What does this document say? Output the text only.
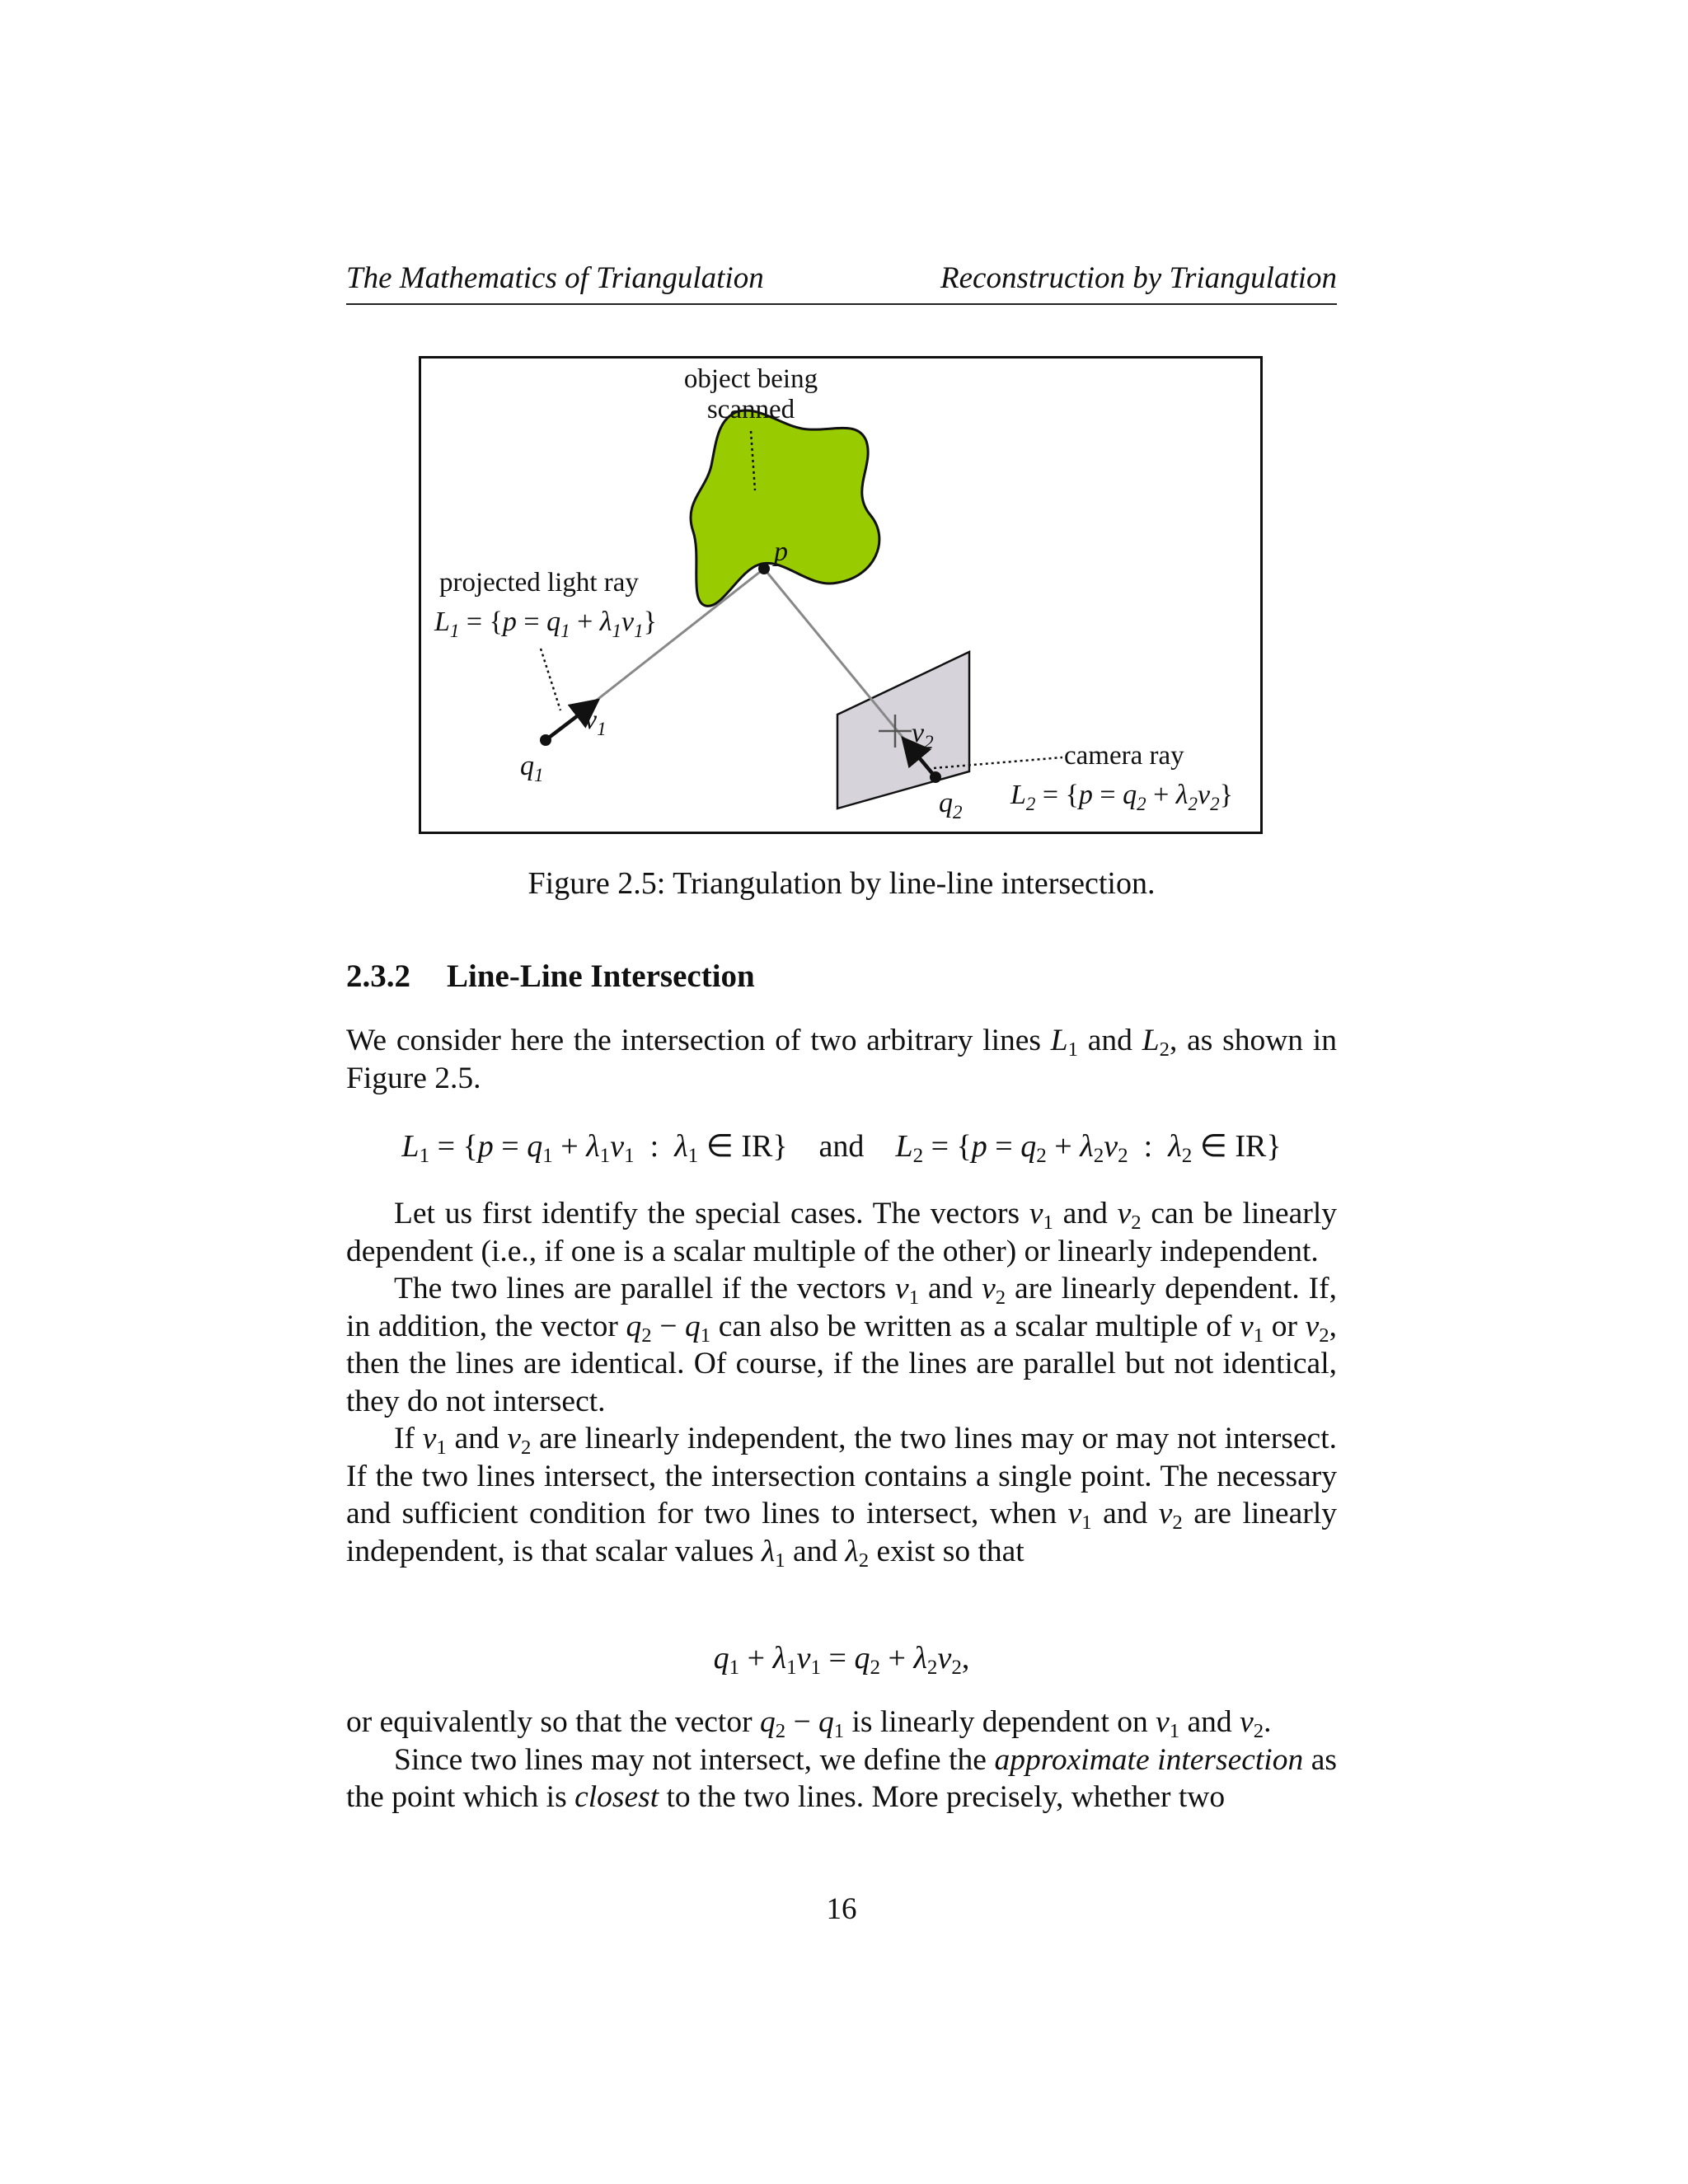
The Mathematics of Triangulation	Reconstruction by Triangulation
object being
scanned
p
projected light ray
$L_1 = \{p = q_1 + \lambda_1v_1\}$
$v_1$
$q_1$
$v_2$
$q_2$
camera ray
$L_2 = \{p = q_2 + \lambda_2v_2\}$
Figure 2.5: Triangulation by line-line intersection.
2.3.2 Line-Line Intersection

We consider here the intersection of two arbitrary lines $L_1$ and $L_2$, as shown in Figure 2.5.

$L_1 = \{p = q_1 + \lambda_1v_1$  :  $\lambda_1$ ∈ IR}    and    $L_2 = \{p = q_2 + \lambda_2v_2$  :  $\lambda_2$ ∈ IR}

Let us first identify the special cases. The vectors $v_1$ and $v_2$ can be linearly dependent (i.e., if one is a scalar multiple of the other) or linearly independent.

The two lines are parallel if the vectors $v_1$ and $v_2$ are linearly dependent. If, in addition, the vector $q_2 - q_1$ can also be written as a scalar multiple of $v_1$ or $v_2$, then the lines are identical. Of course, if the lines are parallel but not identical, they do not intersect.

If $v_1$ and $v_2$ are linearly independent, the two lines may or may not intersect. If the two lines intersect, the intersection contains a single point. The necessary and sufficient condition for two lines to intersect, when $v_1$ and $v_2$ are linearly independent, is that scalar values $\lambda_1$ and $\lambda_2$ exist so that

$q_1 + \lambda_1v_1 = q_2 + \lambda_2v_2$,

or equivalently so that the vector $q_2 - q_1$ is linearly dependent on $v_1$ and $v_2$.

Since two lines may not intersect, we define the approximate intersection as the point which is closest to the two lines. More precisely, whether two

16
